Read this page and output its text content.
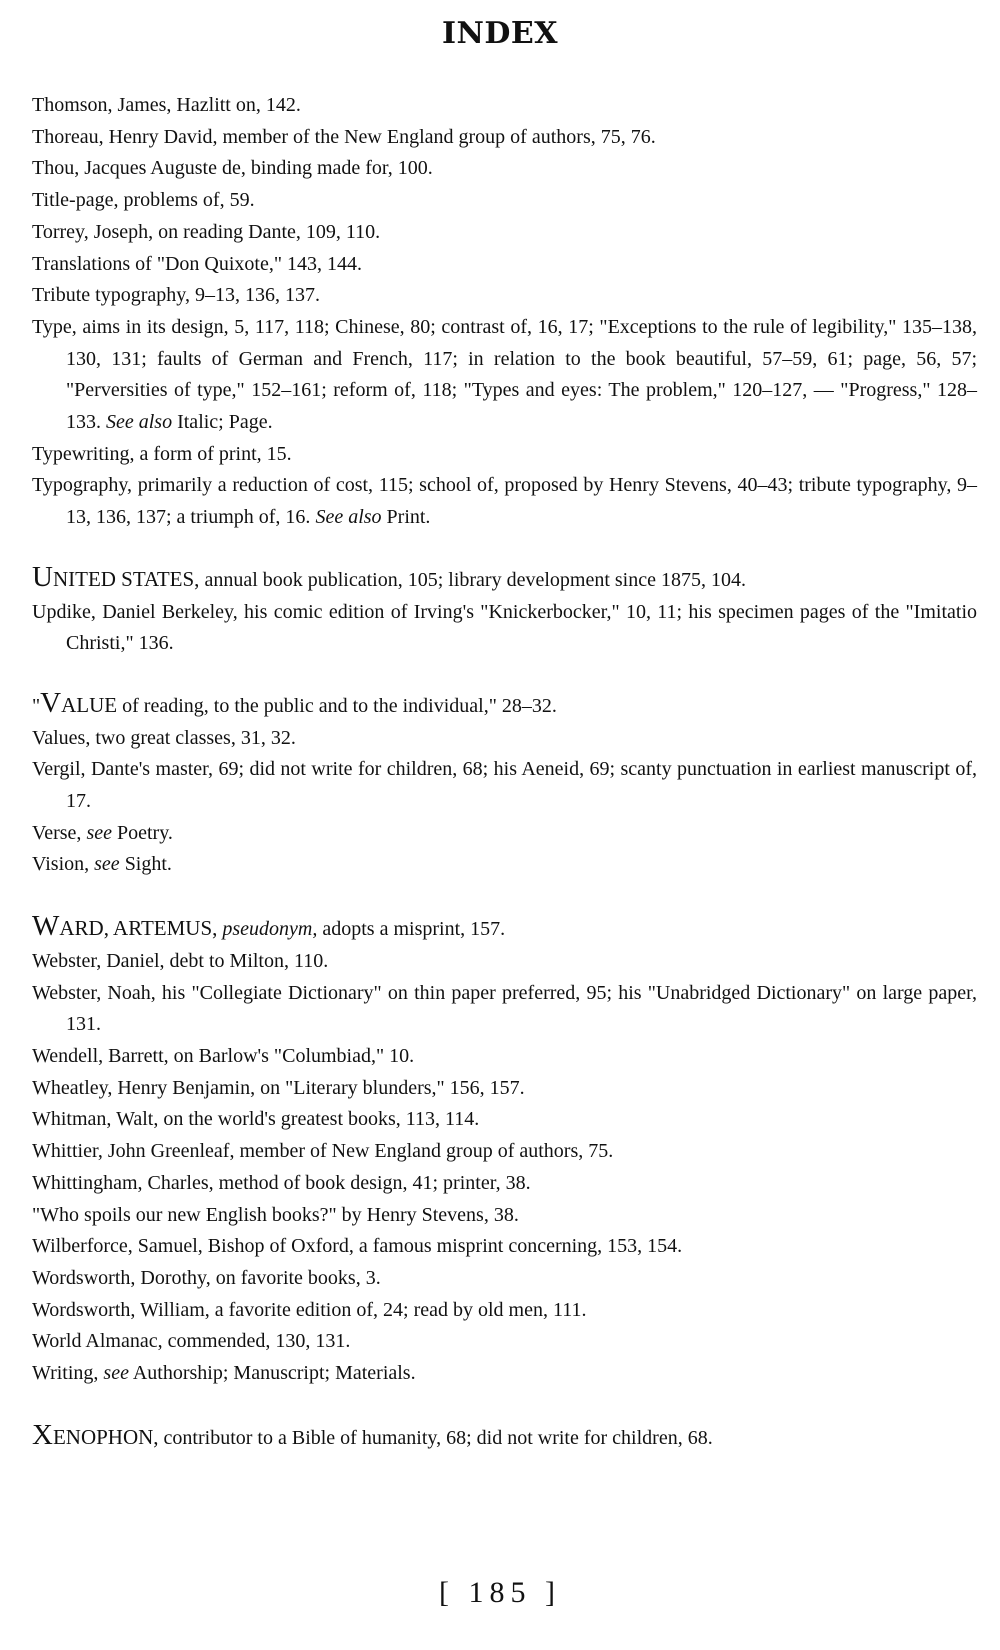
INDEX
Thomson, James, Hazlitt on, 142.
Thoreau, Henry David, member of the New England group of authors, 75, 76.
Thou, Jacques Auguste de, binding made for, 100.
Title-page, problems of, 59.
Torrey, Joseph, on reading Dante, 109, 110.
Translations of "Don Quixote," 143, 144.
Tribute typography, 9–13, 136, 137.
Type, aims in its design, 5, 117, 118; Chinese, 80; contrast of, 16, 17; "Exceptions to the rule of legibility," 135–138, 130, 131; faults of German and French, 117; in relation to the book beautiful, 57–59, 61; page, 56, 57; "Perversities of type," 152–161; reform of, 118; "Types and eyes: The problem," 120–127, — "Progress," 128–133. See also Italic; Page.
Typewriting, a form of print, 15.
Typography, primarily a reduction of cost, 115; school of, proposed by Henry Stevens, 40–43; tribute typography, 9–13, 136, 137; a triumph of, 16. See also Print.
UNITED STATES, annual book publication, 105; library development since 1875, 104.
Updike, Daniel Berkeley, his comic edition of Irving's "Knickerbocker," 10, 11; his specimen pages of the "Imitatio Christi," 136.
"VALUE of reading, to the public and to the individual," 28–32.
Values, two great classes, 31, 32.
Vergil, Dante's master, 69; did not write for children, 68; his Aeneid, 69; scanty punctuation in earliest manuscript of, 17.
Verse, see Poetry.
Vision, see Sight.
WARD, ARTEMUS, pseudonym, adopts a misprint, 157.
Webster, Daniel, debt to Milton, 110.
Webster, Noah, his "Collegiate Dictionary" on thin paper preferred, 95; his "Unabridged Dictionary" on large paper, 131.
Wendell, Barrett, on Barlow's "Columbiad," 10.
Wheatley, Henry Benjamin, on "Literary blunders," 156, 157.
Whitman, Walt, on the world's greatest books, 113, 114.
Whittier, John Greenleaf, member of New England group of authors, 75.
Whittingham, Charles, method of book design, 41; printer, 38.
"Who spoils our new English books?" by Henry Stevens, 38.
Wilberforce, Samuel, Bishop of Oxford, a famous misprint concerning, 153, 154.
Wordsworth, Dorothy, on favorite books, 3.
Wordsworth, William, a favorite edition of, 24; read by old men, 111.
World Almanac, commended, 130, 131.
Writing, see Authorship; Manuscript; Materials.
XENOPHON, contributor to a Bible of humanity, 68; did not write for children, 68.
[ 185 ]
